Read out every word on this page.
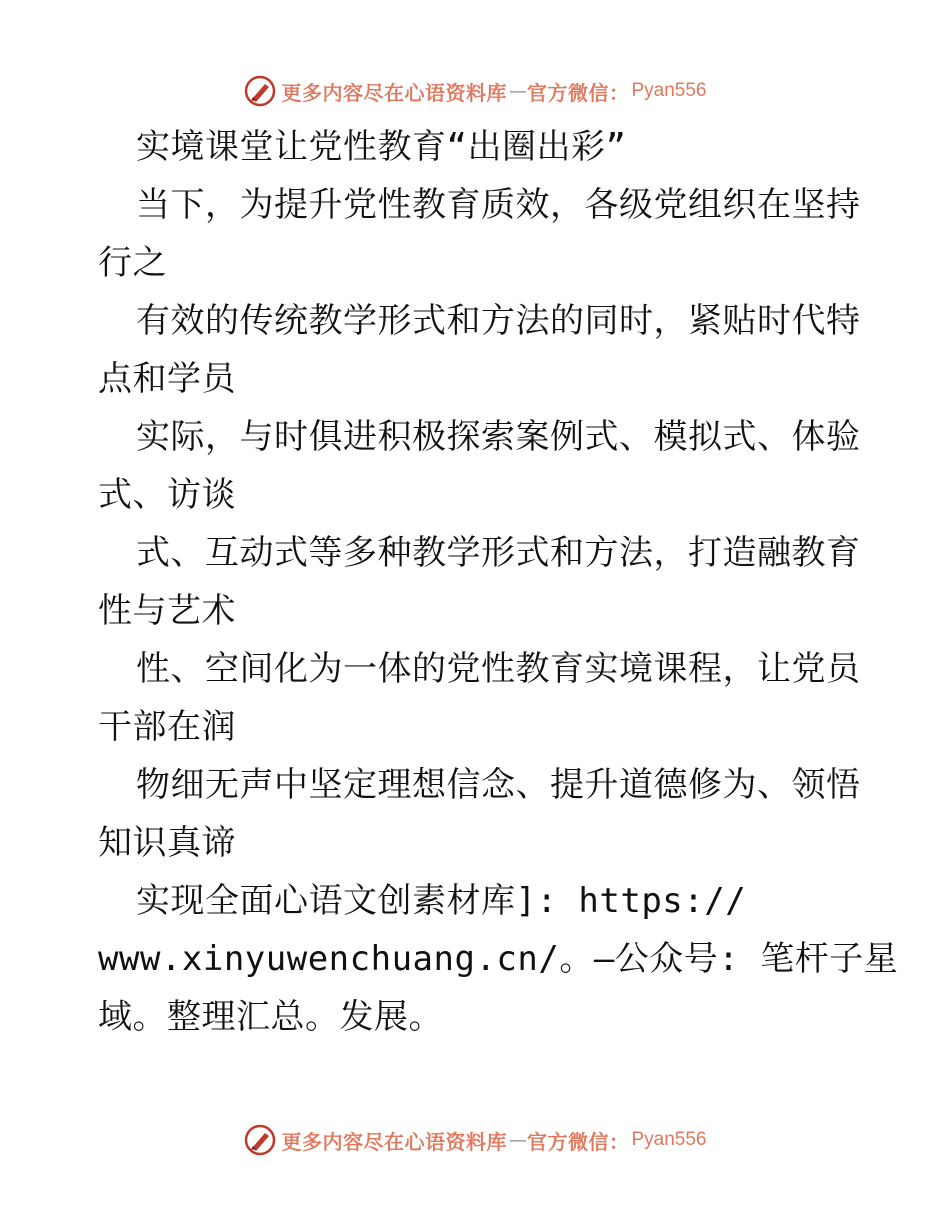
更多内容尽在心语资料库 — 官方微信： Pyan556
实境课堂让党性教育“出圈出彩”
当下，为提升党性教育质效，各级党组织在坚持
行之
有效的传统教学形式和方法的同时，紧贴时代特
点和学员
实际，与时俱进积极探索案例式、模拟式、体验
式、访谈
式、互动式等多种教学形式和方法，打造融教育
性与艺术
性、空间化为一体的党性教育实境课程，让党员
干部在润
物细无声中坚定理想信念、提升道德修为、领悟
知识真谛
实现全面心语文创素材库]: https://
www.xinyuwenchuang.cn/。—公众号: 笔杆子星
域。整理汇总。发展。
更多内容尽在心语资料库 — 官方微信： Pyan556
